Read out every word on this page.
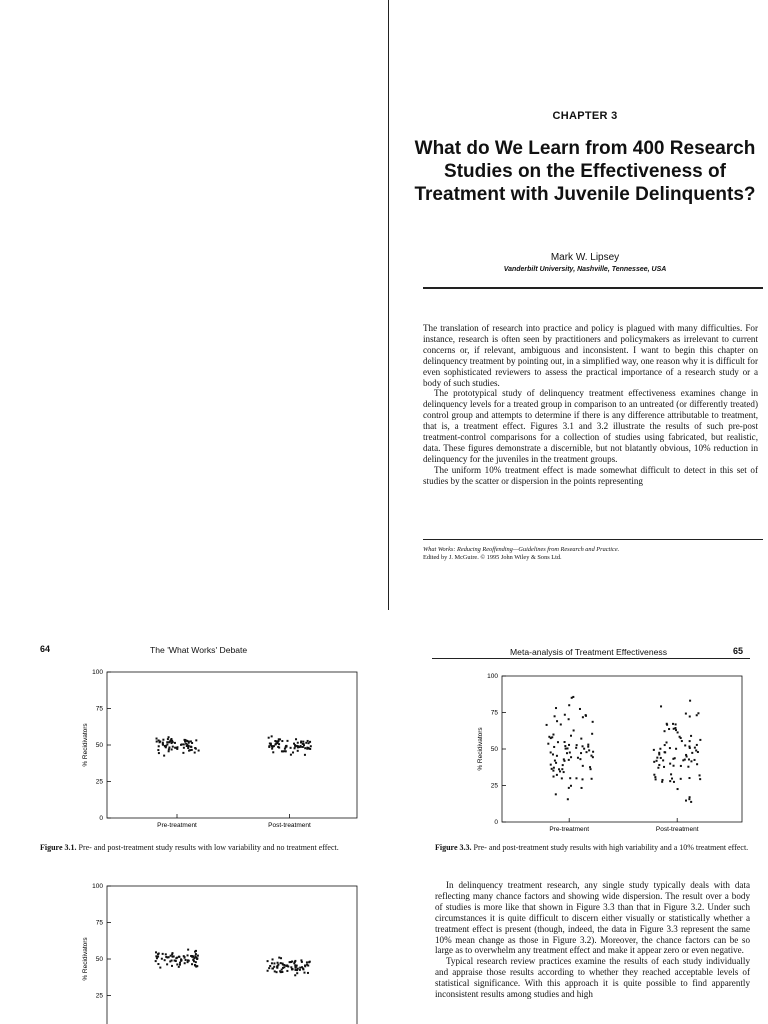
CHAPTER 3
What do We Learn from 400 Research Studies on the Effectiveness of Treatment with Juvenile Delinquents?
Mark W. Lipsey
Vanderbilt University, Nashville, Tennessee, USA

The translation of research into practice and policy is plagued with many difficulties. For instance, research is often seen by practitioners and policymakers as irrelevant to current concerns or, if relevant, ambiguous and inconsistent. I want to begin this chapter on delinquency treatment by pointing out, in a simplified way, one reason why it is difficult for even sophisticated reviewers to assess the practical importance of a research study or a body of such studies.

The prototypical study of delinquency treatment effectiveness examines change in delinquency levels for a treated group in comparison to an untreated (or differently treated) control group and attempts to determine if there is any difference attributable to treatment, that is, a treatment effect. Figures 3.1 and 3.2 illustrate the results of such pre-post treatment-control comparisons for a collection of studies using fabricated, but realistic, data. These figures demonstrate a discernible, but not blatantly obvious, 10% reduction in delinquency for the juveniles in the treatment groups.

The uniform 10% treatment effect is made somewhat difficult to detect in this set of studies by the scatter or dispersion in the points representing

What Works: Reducing Reoffending—Guidelines from Research and Practice.
Edited by J. McGuire. © 1995 John Wiley & Sons Ltd.
64	The 'What Works' Debate
0
25
50
75
100
% Recidivators
Pre-treatment	Post-treatment
Figure 3.1. Pre- and post-treatment study results with low variability and no treatment effect.
25
50
75
100
% Recidivators
Meta-analysis of Treatment Effectiveness	65
0
25
50
75
100
% Recidivators
Pre-treatment	Post-treatment
Figure 3.3. Pre- and post-treatment study results with high variability and a 10% treatment effect.

In delinquency treatment research, any single study typically deals with data reflecting many chance factors and showing wide dispersion. The result over a body of studies is more like that shown in Figure 3.3 than that in Figure 3.2. Under such circumstances it is quite difficult to discern either visually or statistically whether a treatment effect is present (though, indeed, the data in Figure 3.3 represent the same 10% mean change as those in Figure 3.2). Moreover, the chance factors can be so large as to overwhelm any treatment effect and make it appear zero or even negative.

Typical research review practices examine the results of each study individually and appraise those results according to whether they reached acceptable levels of statistical significance. With this approach it is quite possible to find apparently inconsistent results among studies and high
